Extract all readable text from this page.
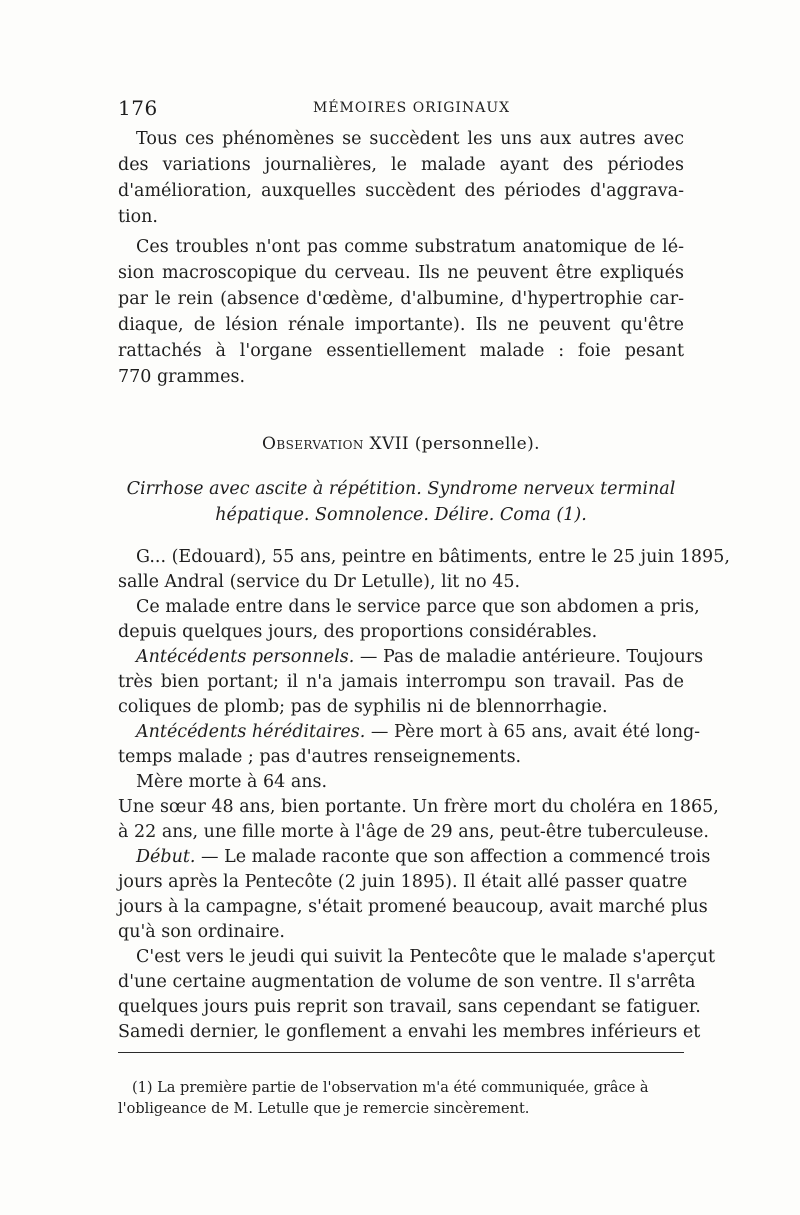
176	MÉMOIRES ORIGINAUX
Tous ces phénomènes se succèdent les uns aux autres avec
des variations journalières, le malade ayant des périodes
d'amélioration, auxquelles succèdent des périodes d'aggrava-
tion.
Ces troubles n'ont pas comme substratum anatomique de lé-
sion macroscopique du cerveau. Ils ne peuvent être expliqués
par le rein (absence d'œdème, d'albumine, d'hypertrophie car-
diaque, de lésion rénale importante). Ils ne peuvent qu'être
rattachés à l'organe essentiellement malade : foie pesant
770 grammes.
Observation XVII (personnelle).
Cirrhose avec ascite à répétition. Syndrome nerveux terminal
hépatique. Somnolence. Délire. Coma (1).
G... (Edouard), 55 ans, peintre en bâtiments, entre le 25 juin 1895,
salle Andral (service du Dr Letulle), lit no 45.
Ce malade entre dans le service parce que son abdomen a pris,
depuis quelques jours, des proportions considérables.
Antécédents personnels. — Pas de maladie antérieure. Toujours
très bien portant; il n'a jamais interrompu son travail. Pas de
coliques de plomb; pas de syphilis ni de blennorrhagie.
Antécédents héréditaires. — Père mort à 65 ans, avait été long-
temps malade ; pas d'autres renseignements.
Mère morte à 64 ans.
Une sœur 48 ans, bien portante. Un frère mort du choléra en 1865,
à 22 ans, une fille morte à l'âge de 29 ans, peut-être tuberculeuse.
Début. — Le malade raconte que son affection a commencé trois
jours après la Pentecôte (2 juin 1895). Il était allé passer quatre
jours à la campagne, s'était promené beaucoup, avait marché plus
qu'à son ordinaire.
C'est vers le jeudi qui suivit la Pentecôte que le malade s'aperçut
d'une certaine augmentation de volume de son ventre. Il s'arrêta
quelques jours puis reprit son travail, sans cependant se fatiguer.
Samedi dernier, le gonflement a envahi les membres inférieurs et
(1) La première partie de l'observation m'a été communiquée, grâce à
l'obligeance de M. Letulle que je remercie sincèrement.
